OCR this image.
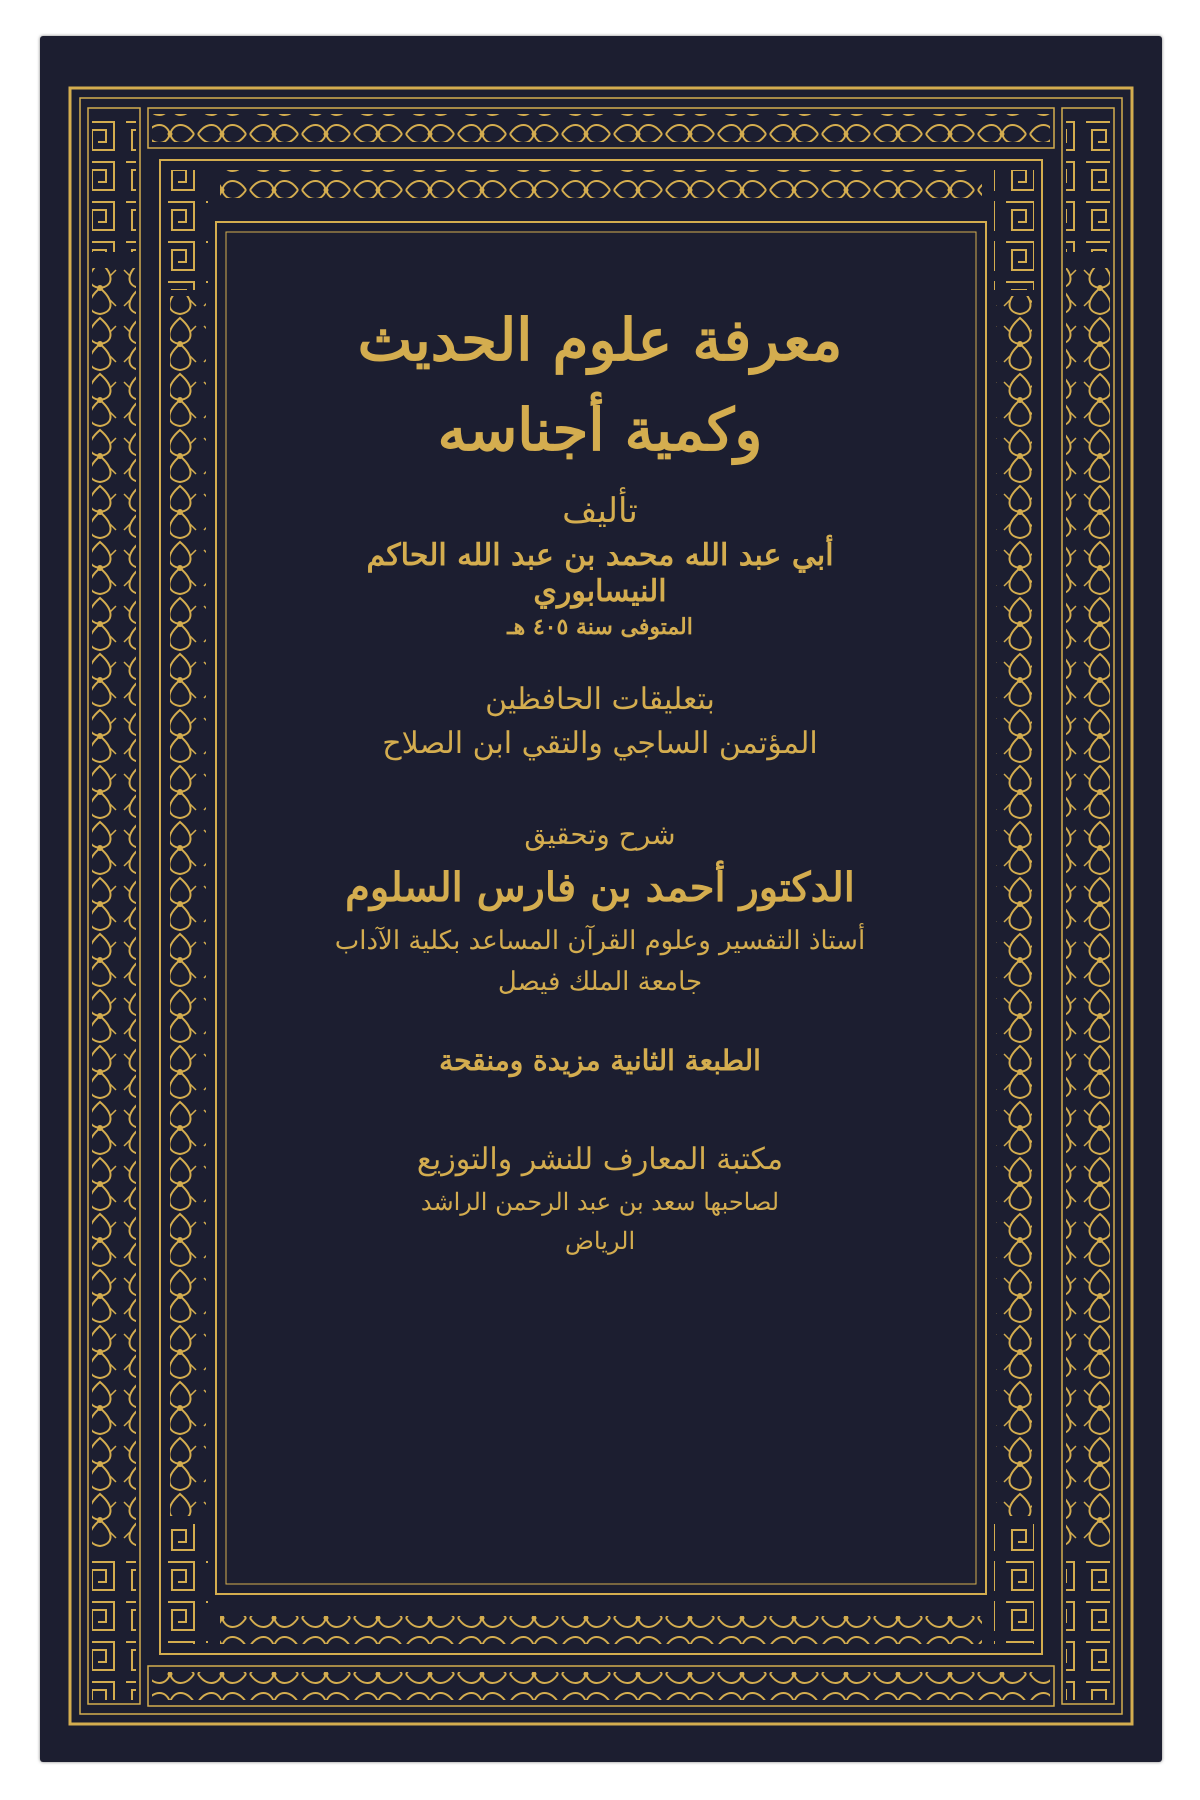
معرفة علوم الحديث

وكمية أجناسه

تأليف

أبي عبد الله محمد بن عبد الله الحاكم النيسابوري

المتوفى سنة ٤٠٥ هـ

بتعليقات الحافظين

المؤتمن الساجي والتقي ابن الصلاح

شرح وتحقيق

الدكتور أحمد بن فارس السلوم

أستاذ التفسير وعلوم القرآن المساعد بكلية الآداب

جامعة الملك فيصل

الطبعة الثانية مزيدة ومنقحة

مكتبة المعارف للنشر والتوزيع

لصاحبها سعد بن عبد الرحمن الراشد

الرياض
